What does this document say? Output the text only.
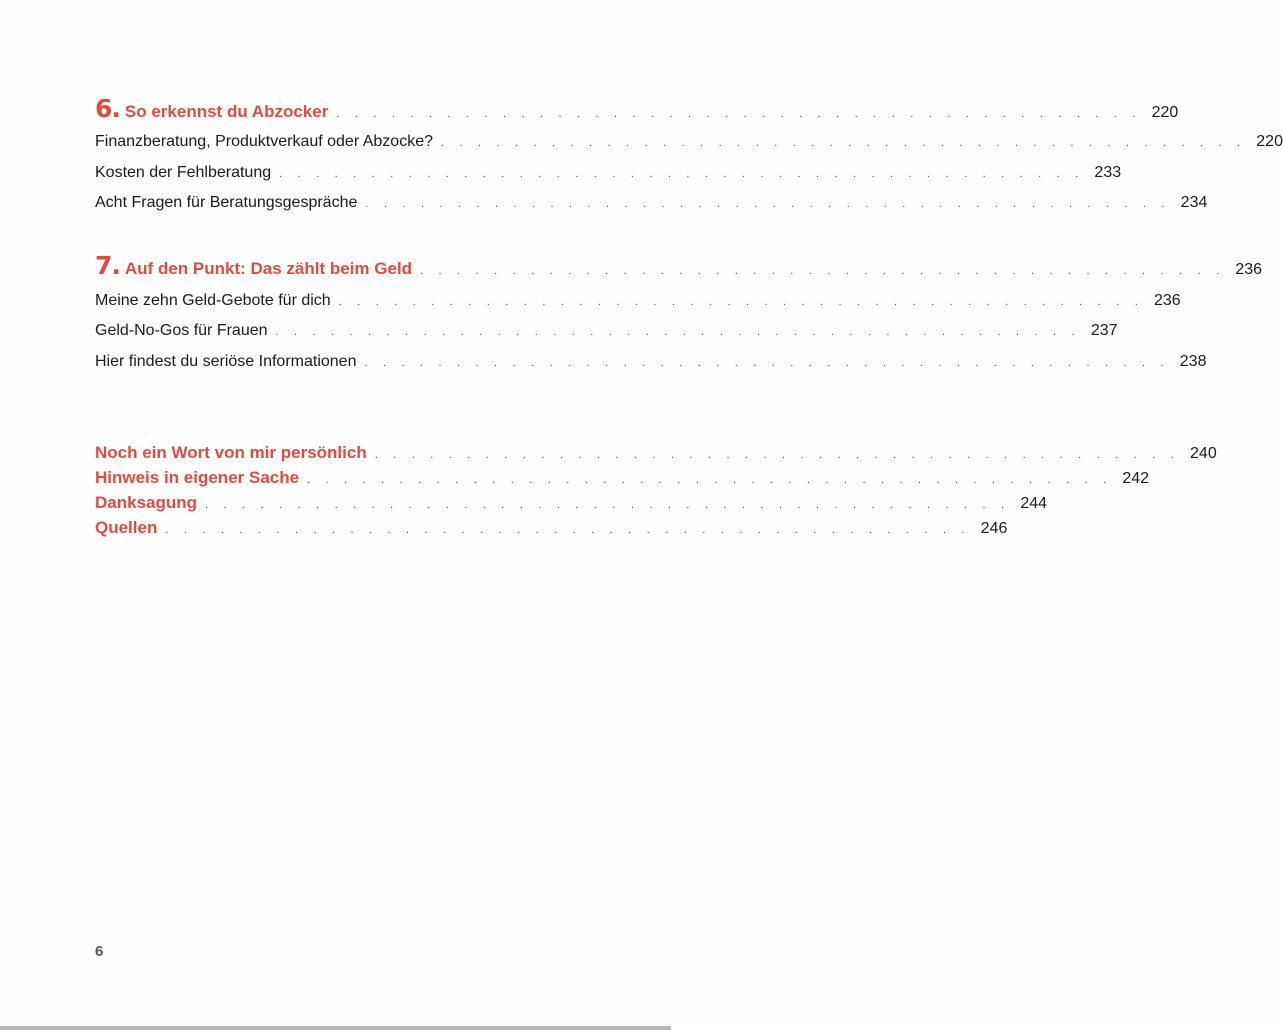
6. So erkennst du Abzocker . . . . . . . . . . . . . . . . . . . . . . . . . . . . . . . . . . . . . . . . . . . . 220
Finanzberatung, Produktverkauf oder Abzocke? . . . . . . . . . . . . . . . . . . . . . . . . . . . . . . . . . . . . . . . . . . . . 220
Kosten der Fehlberatung . . . . . . . . . . . . . . . . . . . . . . . . . . . . . . . . . . . . . . . . . . . . 233
Acht Fragen für Beratungsgespräche . . . . . . . . . . . . . . . . . . . . . . . . . . . . . . . . . . . . . . . . . . . . 234
7. Auf den Punkt: Das zählt beim Geld . . . . . . . . . . . . . . . . . . . . . . . . . . . . . . . . . . . . . . . . . . . . 236
Meine zehn Geld-Gebote für dich . . . . . . . . . . . . . . . . . . . . . . . . . . . . . . . . . . . . . . . . . . . . 236
Geld-No-Gos für Frauen . . . . . . . . . . . . . . . . . . . . . . . . . . . . . . . . . . . . . . . . . . . . 237
Hier findest du seriöse Informationen . . . . . . . . . . . . . . . . . . . . . . . . . . . . . . . . . . . . . . . . . . . . 238
Noch ein Wort von mir persönlich . . . . . . . . . . . . . . . . . . . . . . . . . . . . . . . . . . . . . . . . . . . . 240
Hinweis in eigener Sache . . . . . . . . . . . . . . . . . . . . . . . . . . . . . . . . . . . . . . . . . . . . 242
Danksagung . . . . . . . . . . . . . . . . . . . . . . . . . . . . . . . . . . . . . . . . . . . . 244
Quellen . . . . . . . . . . . . . . . . . . . . . . . . . . . . . . . . . . . . . . . . . . . . 246
6
